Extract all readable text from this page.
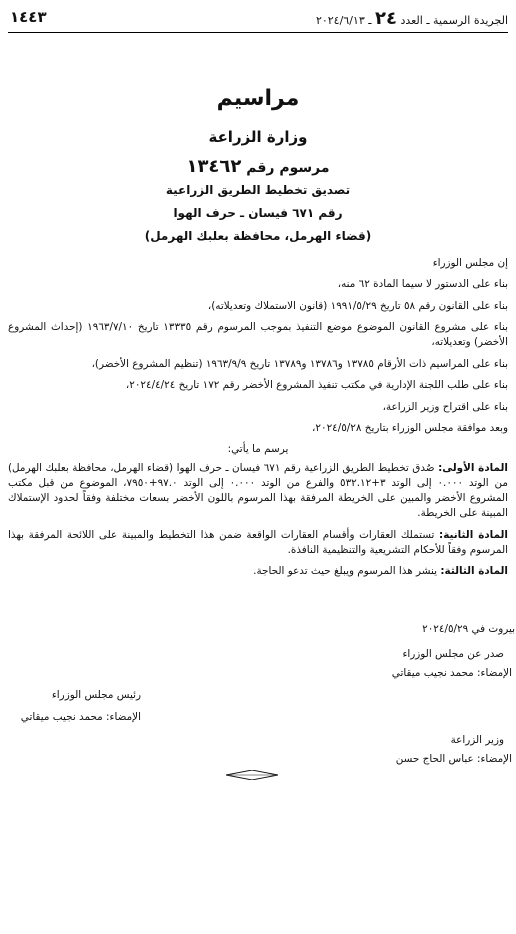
الجريدة الرسمية ـ العدد ٢٤ ـ ٢٠٢٤/٦/١٣
١٤٤٣
مراسيم
وزارة الزراعة
مرسوم رقم ١٣٤٦٢
تصديق تخطيط الطريق الزراعية
رقم ٦٧١ فيسان ـ حرف الهوا
(قضاء الهرمل، محافظة بعلبك الهرمل)

إن مجلس الوزراء

بناء على الدستور لا سيما المادة ٦٢ منه،

بناء على القانون رقم ٥٨ تاريخ ١٩٩١/٥/٢٩ (قانون الاستملاك وتعديلاته)،

بناء على مشروع القانون الموضوع موضع التنفيذ بموجب المرسوم رقم ١٣٣٣٥ تاريخ ١٩٦٣/٧/١٠ (إحداث المشروع الأخضر) وتعديلاته،

بناء على المراسيم ذات الأرقام ١٣٧٨٥ و١٣٧٨٦ و١٣٧٨٩ تاريخ ١٩٦٣/٩/٩ (تنظيم المشروع الأخضر)،

بناء على طلب اللجنة الإدارية في مكتب تنفيذ المشروع الأخضر رقم ١٧٢ تاريخ ٢٠٢٤/٤/٢٤،

بناء على اقتراح وزير الزراعة،

وبعد موافقة مجلس الوزراء بتاريخ ٢٠٢٤/٥/٢٨،

يرسم ما يأتي:

المادة الأولى: صُدق تخطيط الطريق الزراعية رقم ٦٧١ فيسان ـ حرف الهوا (قضاء الهرمل، محافظة بعلبك الهرمل) من الوتد ٠.٠٠٠ إلى الوتد ٣+٥٣٢.١٢ والفرع من الوتد ٠.٠٠٠ إلى الوتد ٩٧.٠+٧٩٥٠، الموضوع من قبل مكتب المشروع الأخضر والمبين على الخريطة المرفقة بهذا المرسوم باللون الأخضر بسعات مختلفة وفقاً لحدود الإستملاك المبينة على الخريطة.

المادة الثانية: تستملك العقارات وأقسام العقارات الواقعة ضمن هذا التخطيط والمبينة على اللائحة المرفقة بهذا المرسوم وفقاً للأحكام التشريعية والتنظيمية النافذة.

المادة الثالثة: ينشر هذا المرسوم ويبلغ حيث تدعو الحاجة.

بيروت في ٢٠٢٤/٥/٢٩
صدر عن مجلس الوزراء
الإمضاء: محمد نجيب ميقاتي
رئيس مجلس الوزراء
الإمضاء: محمد نجيب ميقاتي
وزير الزراعة
الإمضاء: عباس الحاج حسن
